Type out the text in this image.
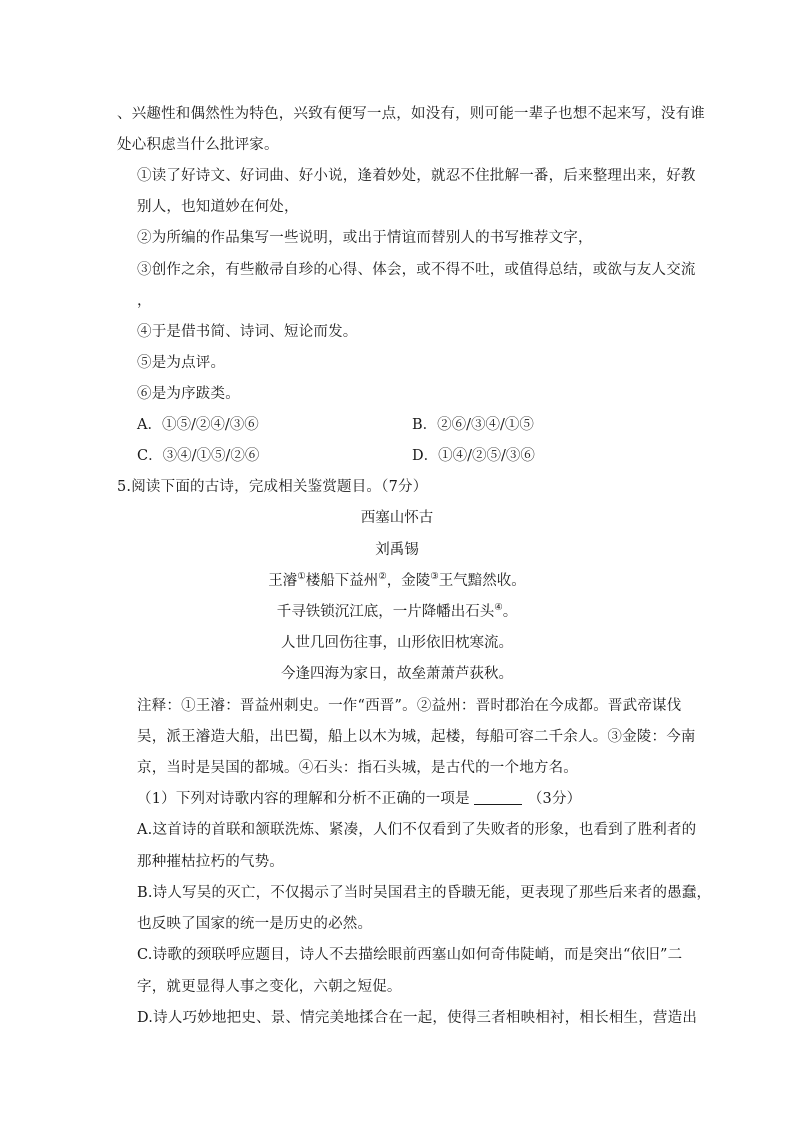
、兴趣性和偶然性为特色，兴致有便写一点，如没有，则可能一辈子也想不起来写，没有谁
处心积虑当什么批评家。
①读了好诗文、好词曲、好小说，逢着妙处，就忍不住批解一番，后来整理出来，好教
别人，也知道妙在何处，
②为所编的作品集写一些说明，或出于情谊而替别人的书写推荐文字，
③创作之余，有些敝帚自珍的心得、体会，或不得不吐，或值得总结，或欲与友人交流
，
④于是借书简、诗词、短论而发。
⑤是为点评。
⑥是为序跋类。
A．①⑤/②④/③⑥	B．②⑥/③④/①⑤
C．③④/①⑤/②⑥	D．①④/②⑤/③⑥
5.阅读下面的古诗，完成相关鉴赏题目。（7分）
西塞山怀古
刘禹锡
王濬①楼船下益州②，金陵③王气黯然收。
千寻铁锁沉江底，一片降幡出石头④。
人世几回伤往事，山形依旧枕寒流。
今逢四海为家日，故垒萧萧芦荻秋。
注释：①王濬：晋益州刺史。一作“西晋”。②益州：晋时郡治在今成都。晋武帝谋伐
吴，派王濬造大船，出巴蜀，船上以木为城，起楼，每船可容二千余人。③金陵：今南
京，当时是吴国的都城。④石头：指石头城，是古代的一个地方名。
（1）下列对诗歌内容的理解和分析不正确的一项是	（3分）
A.这首诗的首联和颔联洗炼、紧凑，人们不仅看到了失败者的形象，也看到了胜利者的
那种摧枯拉朽的气势。
B.诗人写吴的灭亡，不仅揭示了当时吴国君主的昏聩无能，更表现了那些后来者的愚蠢，
也反映了国家的统一是历史的必然。
C.诗歌的颈联呼应题目，诗人不去描绘眼前西塞山如何奇伟陡峭，而是突出“依旧”二
字，就更显得人事之变化，六朝之短促。
D.诗人巧妙地把史、景、情完美地揉合在一起，使得三者相映相衬，相长相生，营造出
